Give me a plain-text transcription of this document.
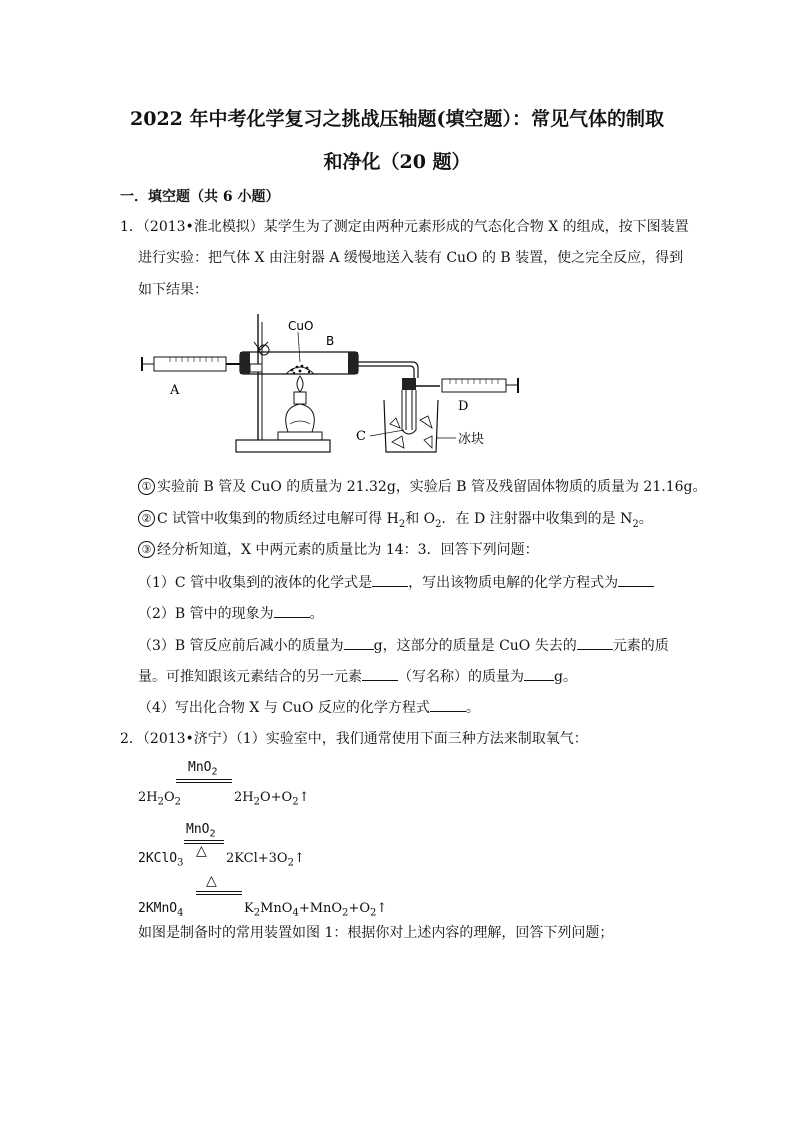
2022 年中考化学复习之挑战压轴题(填空题）：常见气体的制取
和净化（20 题）
一．填空题（共 6 小题）
1．（2013•淮北模拟）某学生为了测定由两种元素形成的气态化合物 X 的组成，按下图装置
进行实验：把气体 X 由注射器 A 缓慢地送入装有 CuO 的 B 装置，使之完全反应，得到
如下结果：
CuO
B
A
D
C	冰块
① 实验前 B 管及 CuO 的质量为 21.32g，实验后 B 管及残留固体物质的质量为 21.16g。
② C 试管中收集到的物质经过电解可得 $H_2$和 $O_2$．在 D 注射器中收集到的是 $N_2$。
③ 经分析知道，X 中两元素的质量比为 14：3．回答下列问题：
（1）C 管中收集到的液体的化学式是	，写出该物质电解的化学方程式为
（2）B 管中的现象为	。
（3）B 管反应前后减小的质量为 g，这部分的质量是 CuO 失去的	元素的质
量。可推知跟该元素结合的另一元素	（写名称）的质量为 g。
（4）写出化合物 X 与 CuO 反应的化学方程式	。
2．（2013•济宁）（1）实验室中，我们通常使用下面三种方法来制取氧气：
MnO$_2$
$2H_2O_2$	$2H_2O+O_2↑$
MnO$_2$
△
2KClO$_3$	$2KCl+3O_2↑$
△
2KMnO$_4$	$K_2MnO_4+MnO_2+O_2↑$
如图是制备时的常用装置如图 1：根据你对上述内容的理解，回答下列问题；
